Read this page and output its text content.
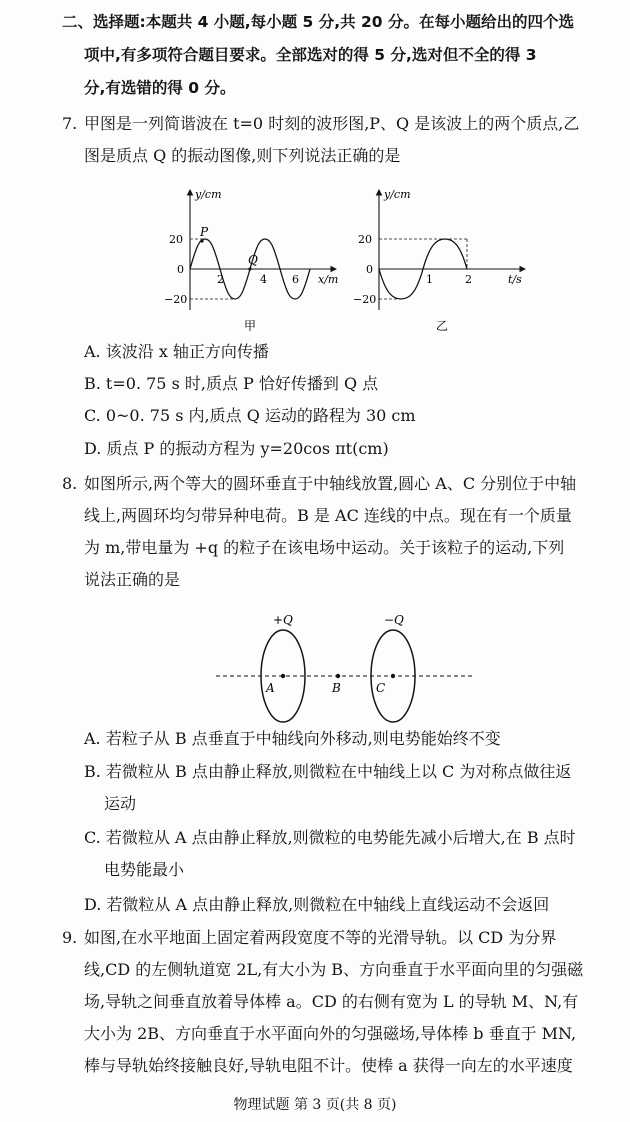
二、选择题:本题共 4 小题,每小题 5 分,共 20 分。在每小题给出的四个选
项中,有多项符合题目要求。全部选对的得 5 分,选对但不全的得 3
分,有选错的得 0 分。
7. 甲图是一列简谐波在 t=0 时刻的波形图,P、Q 是该波上的两个质点,乙
图是质点 Q 的振动图像,则下列说法正确的是
y/cm
x/m
20
0
−20
2	4 6
P
Q
甲
y/cm
t/s
20
0
−20
1	2
乙
A. 该波沿 x 轴正方向传播
B. t=0. 75 s 时,质点 P 恰好传播到 Q 点
C. 0~0. 75 s 内,质点 Q 运动的路程为 30 cm
D. 质点 P 的振动方程为 y=20cos πt(cm)
8. 如图所示,两个等大的圆环垂直于中轴线放置,圆心 A、C 分别位于中轴
线上,两圆环均匀带异种电荷。B 是 AC 连线的中点。现在有一个质量
为 m,带电量为 +q 的粒子在该电场中运动。关于该粒子的运动,下列
说法正确的是
+Q	−Q
A	B	C
A. 若粒子从 B 点垂直于中轴线向外移动,则电势能始终不变
B. 若微粒从 B 点由静止释放,则微粒在中轴线上以 C 为对称点做往返
运动
C. 若微粒从 A 点由静止释放,则微粒的电势能先减小后增大,在 B 点时
电势能最小
D. 若微粒从 A 点由静止释放,则微粒在中轴线上直线运动不会返回
9. 如图,在水平地面上固定着两段宽度不等的光滑导轨。以 CD 为分界
线,CD 的左侧轨道宽 2L,有大小为 B、方向垂直于水平面向里的匀强磁
场,导轨之间垂直放着导体棒 a。CD 的右侧有宽为 L 的导轨 M、N,有
大小为 2B、方向垂直于水平面向外的匀强磁场,导体棒 b 垂直于 MN,
棒与导轨始终接触良好,导轨电阻不计。使棒 a 获得一向左的水平速度
物理试题 第 3 页(共 8 页)
